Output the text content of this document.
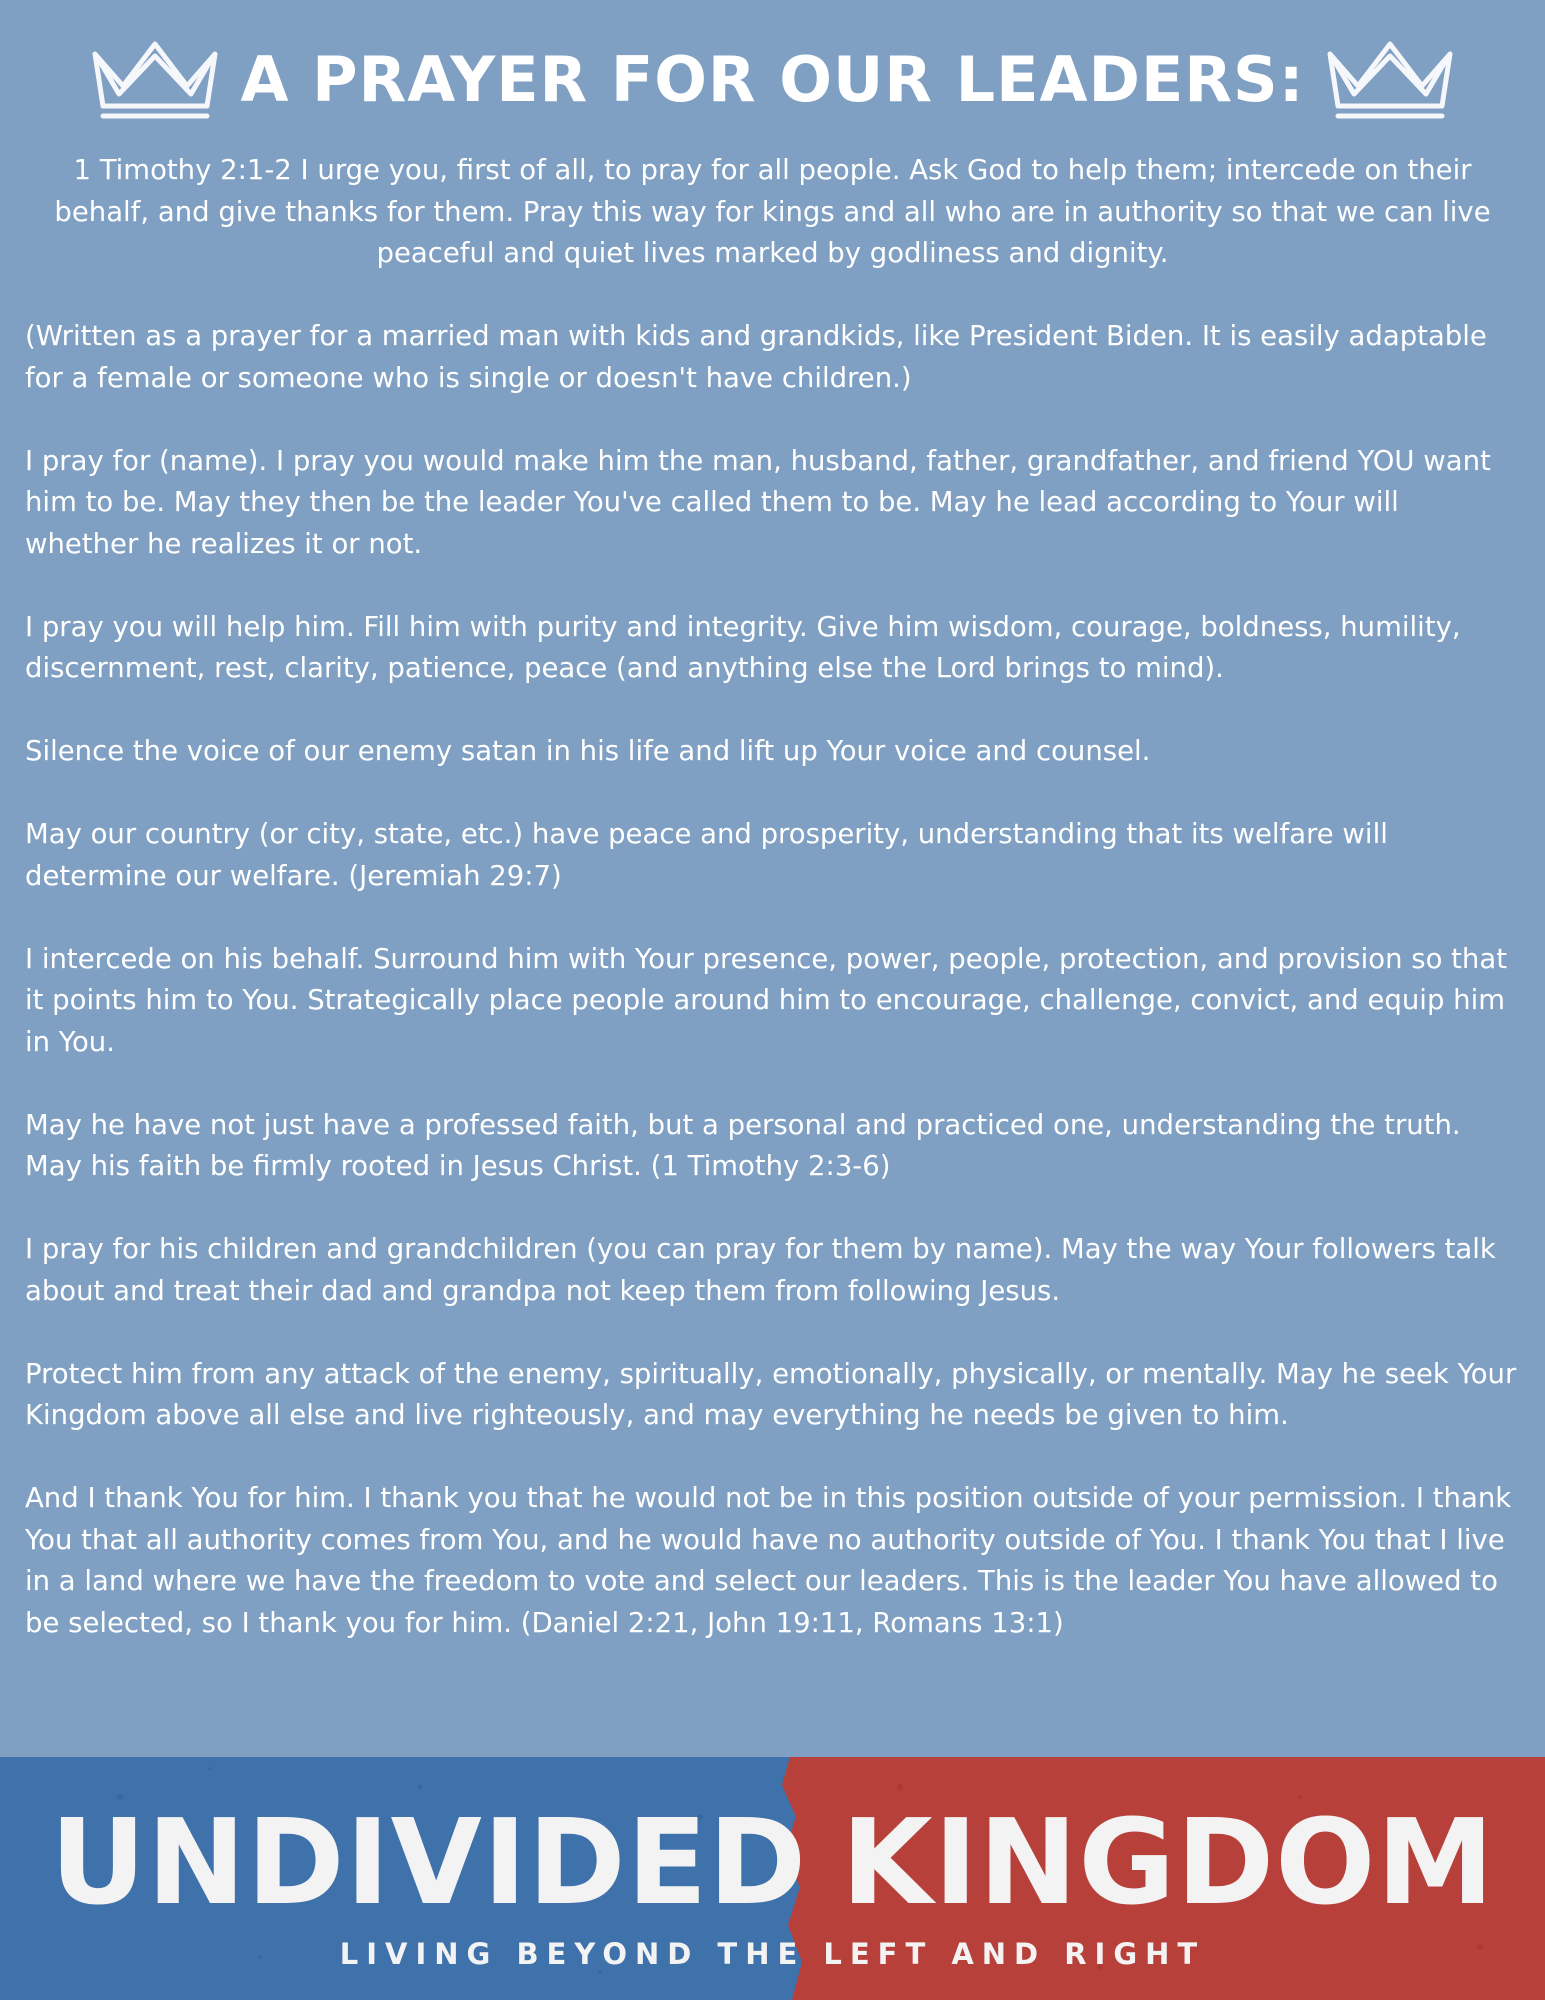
A PRAYER FOR OUR LEADERS:

1 Timothy 2:1-2 I urge you, first of all, to pray for all people. Ask God to help them; intercede on their behalf, and give thanks for them. Pray this way for kings and all who are in authority so that we can live peaceful and quiet lives marked by godliness and dignity.

(Written as a prayer for a married man with kids and grandkids, like President Biden. It is easily adaptable for a female or someone who is single or doesn't have children.)

I pray for (name). I pray you would make him the man, husband, father, grandfather, and friend YOU want him to be. May they then be the leader You've called them to be. May he lead according to Your will whether he realizes it or not.

I pray you will help him. Fill him with purity and integrity. Give him wisdom, courage, boldness, humility, discernment, rest, clarity, patience, peace (and anything else the Lord brings to mind).

Silence the voice of our enemy satan in his life and lift up Your voice and counsel.

May our country (or city, state, etc.) have peace and prosperity, understanding that its welfare will determine our welfare. (Jeremiah 29:7)

I intercede on his behalf. Surround him with Your presence, power, people, protection, and provision so that it points him to You. Strategically place people around him to encourage, challenge, convict, and equip him in You.

May he have not just have a professed faith, but a personal and practiced one, understanding the truth. May his faith be firmly rooted in Jesus Christ. (1 Timothy 2:3-6)

I pray for his children and grandchildren (you can pray for them by name). May the way Your followers talk about and treat their dad and grandpa not keep them from following Jesus.

Protect him from any attack of the enemy, spiritually, emotionally, physically, or mentally. May he seek Your Kingdom above all else and live righteously, and may everything he needs be given to him.

And I thank You for him. I thank you that he would not be in this position outside of your permission. I thank You that all authority comes from You, and he would have no authority outside of You. I thank You that I live in a land where we have the freedom to vote and select our leaders. This is the leader You have allowed to be selected, so I thank you for him. (Daniel 2:21, John 19:11, Romans 13:1)

UNDIVIDED KINGDOM
LIVING BEYOND THE LEFT AND RIGHT
